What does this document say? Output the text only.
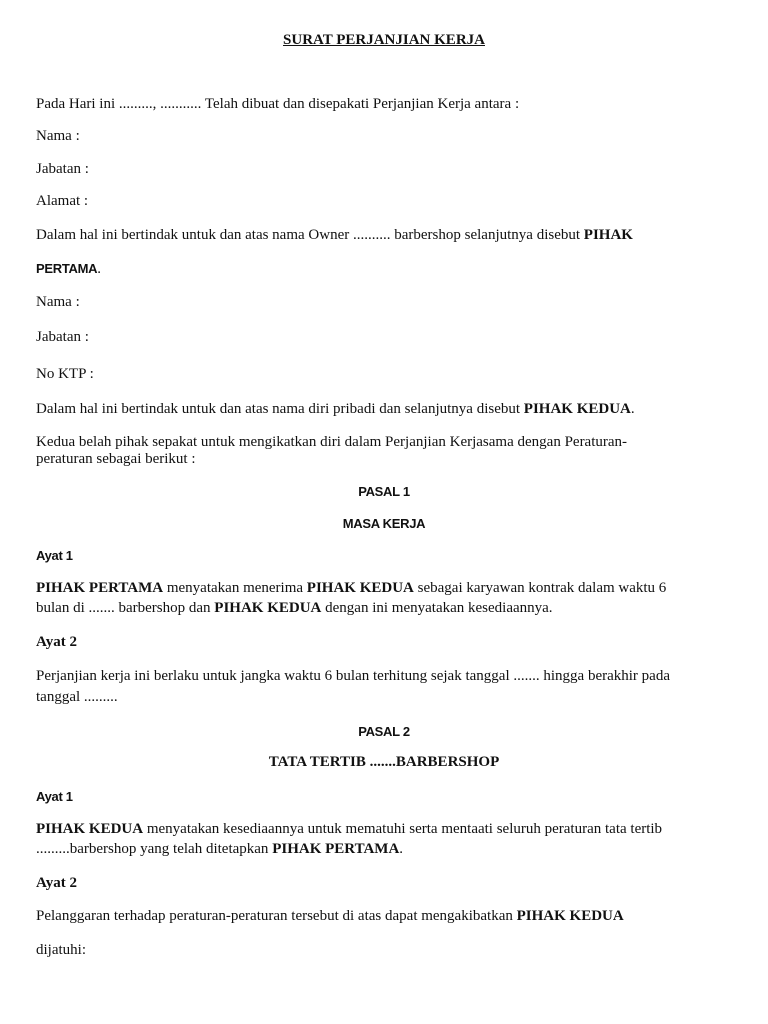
SURAT PERJANJIAN KERJA
Pada Hari ini ........., ........... Telah dibuat dan disepakati Perjanjian Kerja antara :
Nama :
Jabatan :
Alamat :
Dalam hal ini bertindak untuk dan atas nama Owner .......... barbershop selanjutnya disebut PIHAK
PERTAMA.
Nama :
Jabatan :
No KTP :
Dalam hal ini bertindak untuk dan atas nama diri pribadi dan selanjutnya disebut PIHAK KEDUA.
Kedua belah pihak sepakat untuk mengikatkan diri dalam Perjanjian Kerjasama dengan Peraturan-
peraturan sebagai berikut :
PASAL 1
MASA KERJA
Ayat 1
PIHAK PERTAMA menyatakan menerima PIHAK KEDUA sebagai karyawan kontrak dalam waktu 6
bulan di ....... barbershop dan PIHAK KEDUA dengan ini menyatakan kesediaannya.
Ayat 2
Perjanjian kerja ini berlaku untuk jangka waktu 6 bulan terhitung sejak tanggal ....... hingga berakhir pada
tanggal .........
PASAL 2
TATA TERTIB .......BARBERSHOP
Ayat 1
PIHAK KEDUA menyatakan kesediaannya untuk mematuhi serta mentaati seluruh peraturan tata tertib
.........barbershop yang telah ditetapkan PIHAK PERTAMA.
Ayat 2
Pelanggaran terhadap peraturan-peraturan tersebut di atas dapat mengakibatkan PIHAK KEDUA
dijatuhi:
